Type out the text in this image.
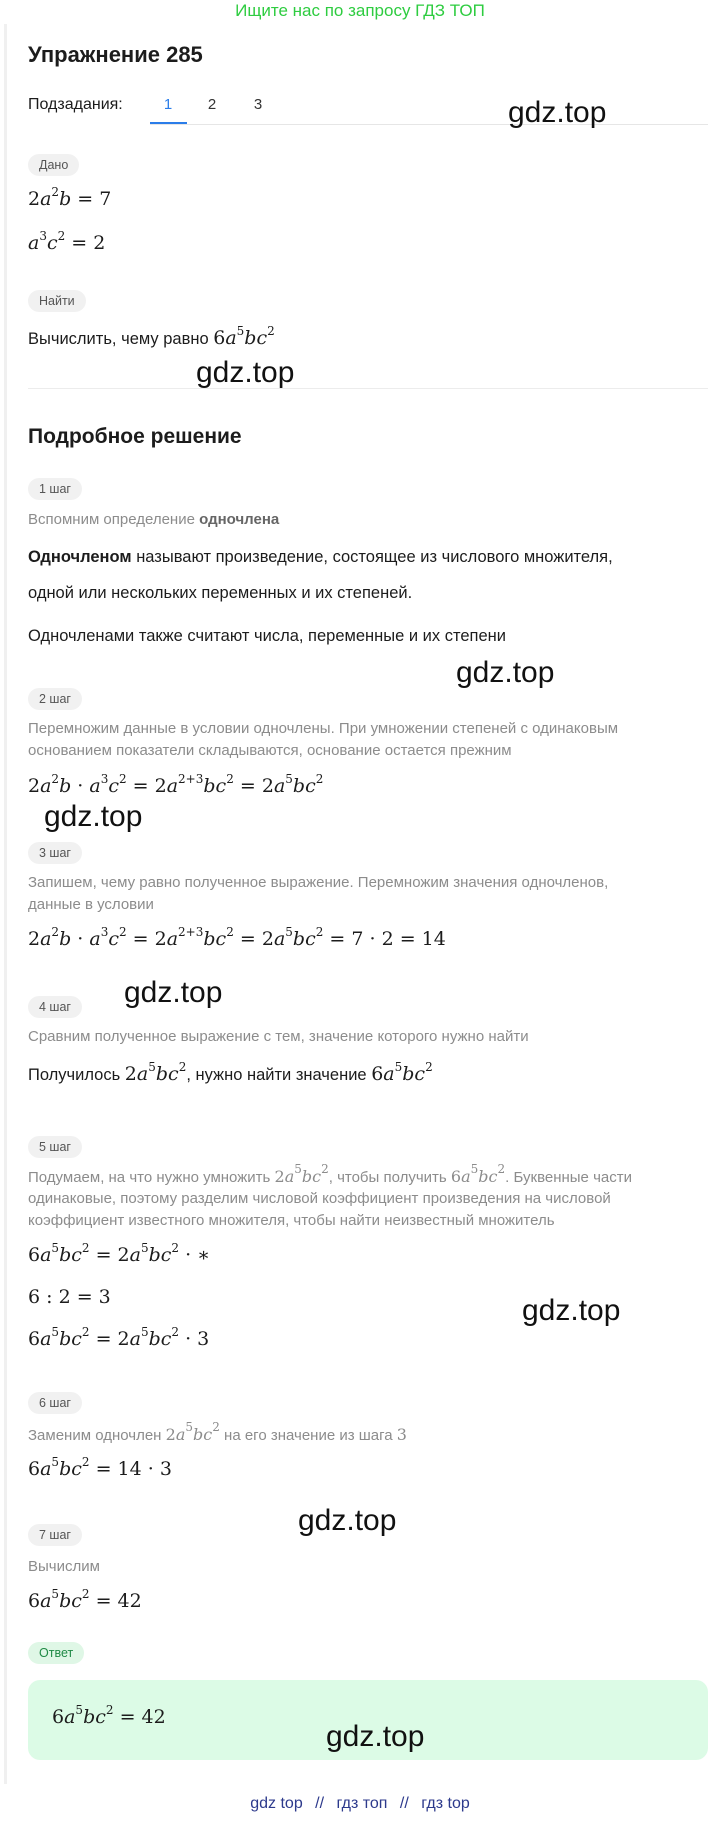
Ищите нас по запросу ГДЗ ТОП
Упражнение 285
Подзадания:	1	2	3
Дано
$2a^2b = 7$
$a^3c^2 = 2$
Найти
Вычислить, чему равно $6a^5bc^2$
Подробное решение
1 шаг
Вспомним определение одночлена
Одночленом называют произведение, состоящее из числового множителя,
одной или нескольких переменных и их степеней.
Одночленами также считают числа, переменные и их степени
2 шаг
Перемножим данные в условии одночлены. При умножении степеней с одинаковым
основанием показатели складываются, основание остается прежним
$2a^2b \cdot a^3c^2 = 2a^{2+3}bc^2 = 2a^5bc^2$
3 шаг
Запишем, чему равно полученное выражение. Перемножим значения одночленов,
данные в условии
$2a^2b \cdot a^3c^2 = 2a^{2+3}bc^2 = 2a^5bc^2 = 7 \cdot 2 = 14$
4 шаг
Сравним полученное выражение с тем, значение которого нужно найти
Получилось $2a^5bc^2$, нужно найти значение $6a^5bc^2$
5 шаг
Подумаем, на что нужно умножить $2a^5bc^2$, чтобы получить $6a^5bc^2$. Буквенные части
одинаковые, поэтому разделим числовой коэффициент произведения на числовой
коэффициент известного множителя, чтобы найти неизвестный множитель
$6a^5bc^2 = 2a^5bc^2$ · ∗
6 : 2 = 3
$6a^5bc^2 = 2a^5bc^2 \cdot 3$
6 шаг
Заменим одночлен $2a^5bc^2$ на его значение из шага 3
$6a^5bc^2 = 14 \cdot 3$
7 шаг
Вычислим
$6a^5bc^2 = 42$
Ответ
$6a^5bc^2 = 42$
gdz.top
gdz.top
gdz.top
gdz.top
gdz.top
gdz.top
gdz.top
gdz.top
gdz top // гдз топ // гдз top
